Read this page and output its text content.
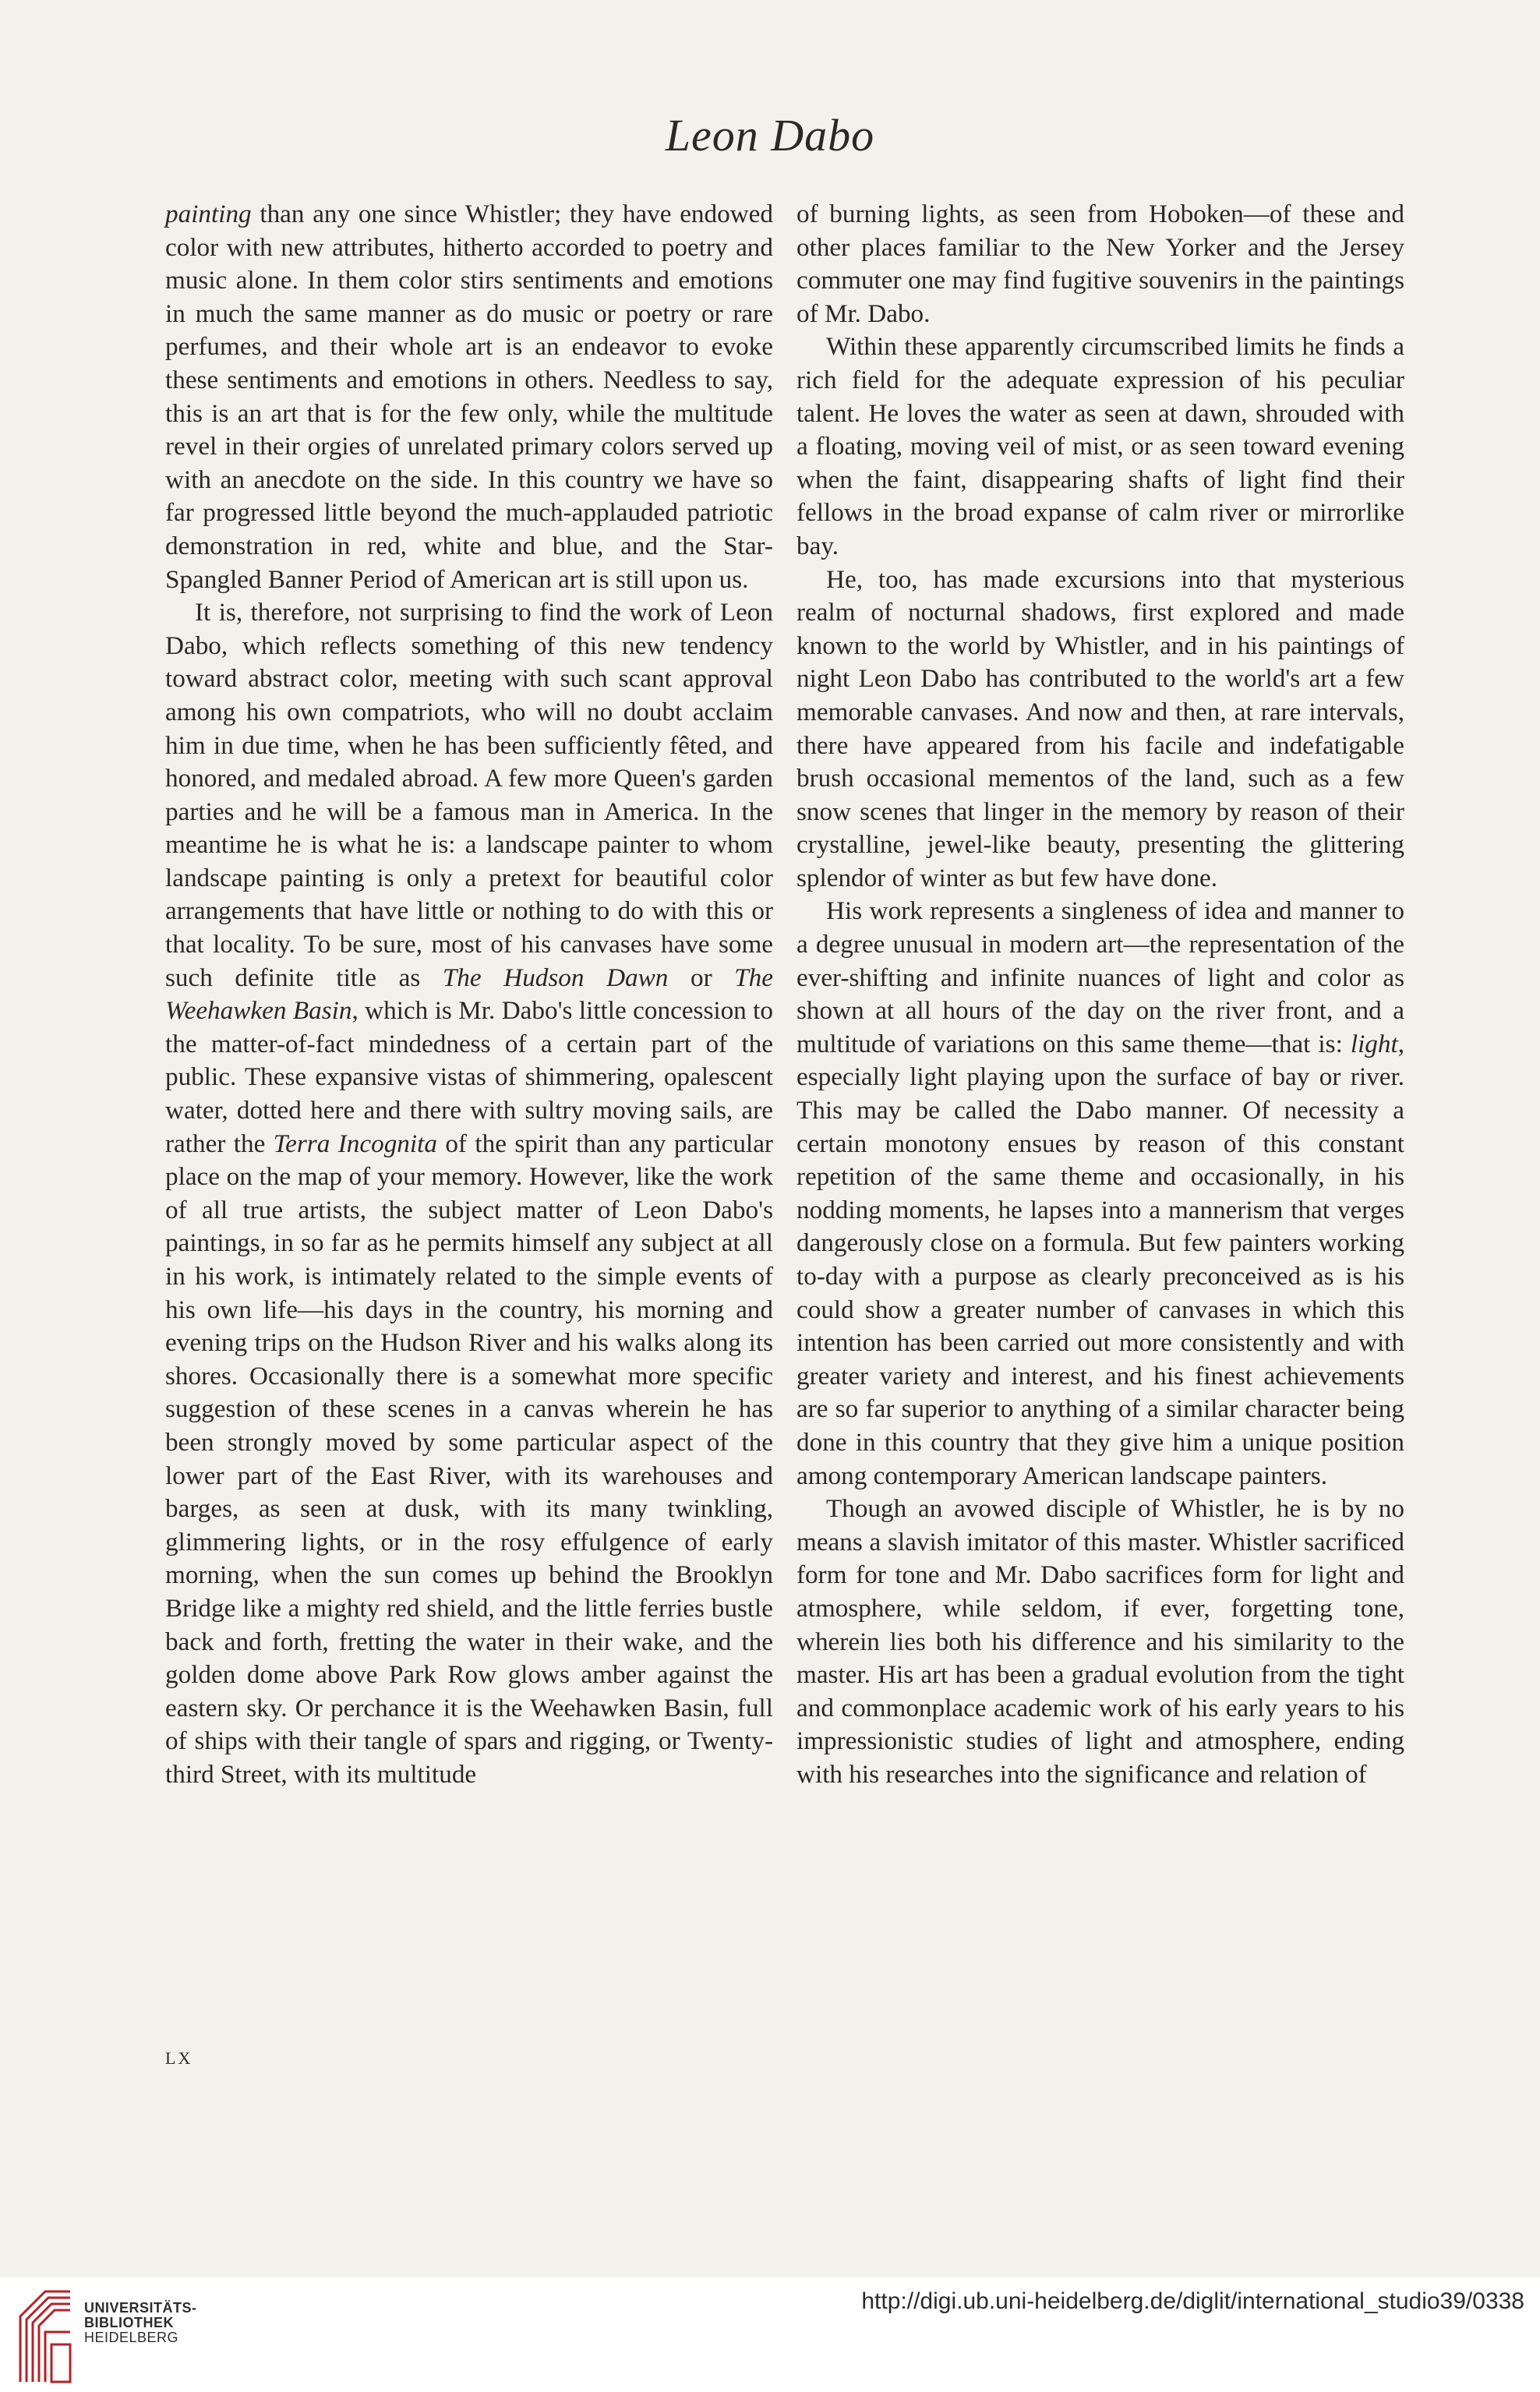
Leon Dabo

painting than any one since Whistler; they have endowed color with new attributes, hitherto accorded to poetry and music alone. In them color stirs sentiments and emotions in much the same manner as do music or poetry or rare perfumes, and their whole art is an endeavor to evoke these sentiments and emotions in others. Needless to say, this is an art that is for the few only, while the multitude revel in their orgies of unrelated primary colors served up with an anecdote on the side. In this country we have so far progressed little beyond the much-applauded patriotic demonstration in red, white and blue, and the Star-Spangled Banner Period of American art is still upon us.

It is, therefore, not surprising to find the work of Leon Dabo, which reflects something of this new tendency toward abstract color, meeting with such scant approval among his own compatriots, who will no doubt acclaim him in due time, when he has been sufficiently fêted, and honored, and medaled abroad. A few more Queen's garden parties and he will be a famous man in America. In the meantime he is what he is: a landscape painter to whom landscape painting is only a pretext for beautiful color arrangements that have little or nothing to do with this or that locality. To be sure, most of his canvases have some such definite title as The Hudson Dawn or The Weehawken Basin, which is Mr. Dabo's little concession to the matter-of-fact mindedness of a certain part of the public. These expansive vistas of shimmering, opalescent water, dotted here and there with sultry moving sails, are rather the Terra Incognita of the spirit than any particular place on the map of your memory. However, like the work of all true artists, the subject matter of Leon Dabo's paintings, in so far as he permits himself any subject at all in his work, is intimately related to the simple events of his own life—his days in the country, his morning and evening trips on the Hudson River and his walks along its shores. Occasionally there is a somewhat more specific suggestion of these scenes in a canvas wherein he has been strongly moved by some particular aspect of the lower part of the East River, with its warehouses and barges, as seen at dusk, with its many twinkling, glimmering lights, or in the rosy effulgence of early morning, when the sun comes up behind the Brooklyn Bridge like a mighty red shield, and the little ferries bustle back and forth, fretting the water in their wake, and the golden dome above Park Row glows amber against the eastern sky. Or perchance it is the Weehawken Basin, full of ships with their tangle of spars and rigging, or Twenty-third Street, with its multitude

of burning lights, as seen from Hoboken—of these and other places familiar to the New Yorker and the Jersey commuter one may find fugitive souvenirs in the paintings of Mr. Dabo.

Within these apparently circumscribed limits he finds a rich field for the adequate expression of his peculiar talent. He loves the water as seen at dawn, shrouded with a floating, moving veil of mist, or as seen toward evening when the faint, disappearing shafts of light find their fellows in the broad expanse of calm river or mirrorlike bay.

He, too, has made excursions into that mysterious realm of nocturnal shadows, first explored and made known to the world by Whistler, and in his paintings of night Leon Dabo has contributed to the world's art a few memorable canvases. And now and then, at rare intervals, there have appeared from his facile and indefatigable brush occasional mementos of the land, such as a few snow scenes that linger in the memory by reason of their crystalline, jewel-like beauty, presenting the glittering splendor of winter as but few have done.

His work represents a singleness of idea and manner to a degree unusual in modern art—the representation of the ever-shifting and infinite nuances of light and color as shown at all hours of the day on the river front, and a multitude of variations on this same theme—that is: light, especially light playing upon the surface of bay or river. This may be called the Dabo manner. Of necessity a certain monotony ensues by reason of this constant repetition of the same theme and occasionally, in his nodding moments, he lapses into a mannerism that verges dangerously close on a formula. But few painters working to-day with a purpose as clearly preconceived as is his could show a greater number of canvases in which this intention has been carried out more consistently and with greater variety and interest, and his finest achievements are so far superior to anything of a similar character being done in this country that they give him a unique position among contemporary American landscape painters.

Though an avowed disciple of Whistler, he is by no means a slavish imitator of this master. Whistler sacrificed form for tone and Mr. Dabo sacrifices form for light and atmosphere, while seldom, if ever, forgetting tone, wherein lies both his difference and his similarity to the master. His art has been a gradual evolution from the tight and commonplace academic work of his early years to his impressionistic studies of light and atmosphere, ending with his researches into the significance and relation of

LX
UNIVERSITÄTS-
BIBLIOTHEK
HEIDELBERG
http://digi.ub.uni-heidelberg.de/diglit/international_studio39/0338
